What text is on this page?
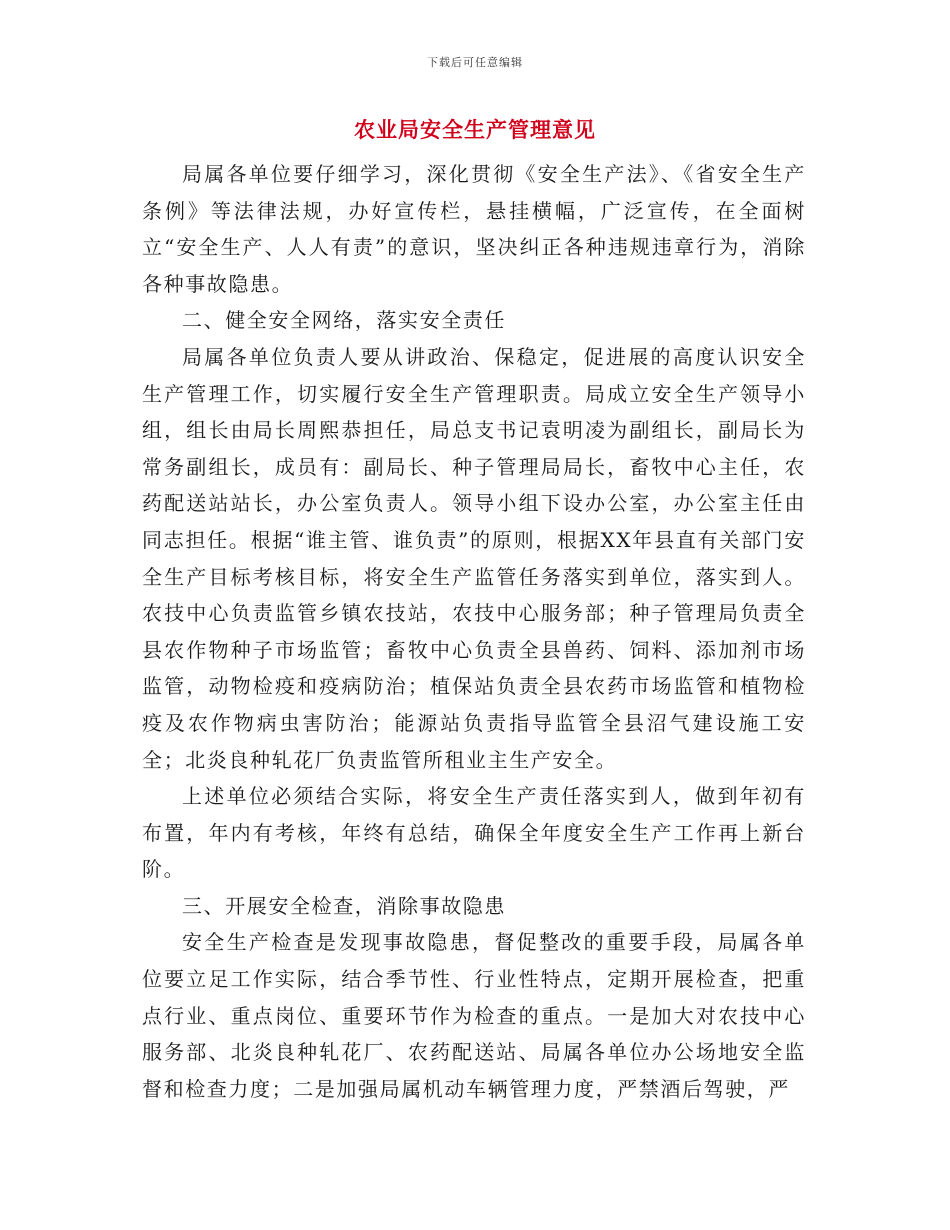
下载后可任意编辑
农业局安全生产管理意见

局属各单位要仔细学习，深化贯彻《安全生产法》、《省安全生产条例》等法律法规，办好宣传栏，悬挂横幅，广泛宣传，在全面树立“安全生产、人人有责”的意识，坚决纠正各种违规违章行为，消除各种事故隐患。

二、健全安全网络，落实安全责任

局属各单位负责人要从讲政治、保稳定，促进展的高度认识安全生产管理工作，切实履行安全生产管理职责。局成立安全生产领导小组，组长由局长周熙恭担任，局总支书记袁明凌为副组长，副局长为常务副组长，成员有：副局长、种子管理局局长，畜牧中心主任，农药配送站站长，办公室负责人。领导小组下设办公室，办公室主任由同志担任。根据“谁主管、谁负责”的原则，根据XX年县直有关部门安全生产目标考核目标，将安全生产监管任务落实到单位，落实到人。农技中心负责监管乡镇农技站，农技中心服务部；种子管理局负责全县农作物种子市场监管；畜牧中心负责全县兽药、饲料、添加剂市场监管，动物检疫和疫病防治；植保站负责全县农药市场监管和植物检疫及农作物病虫害防治；能源站负责指导监管全县沼气建设施工安全；北炎良种轧花厂负责监管所租业主生产安全。

上述单位必须结合实际，将安全生产责任落实到人，做到年初有布置，年内有考核，年终有总结，确保全年度安全生产工作再上新台阶。

三、开展安全检查，消除事故隐患

安全生产检查是发现事故隐患，督促整改的重要手段，局属各单位要立足工作实际，结合季节性、行业性特点，定期开展检查，把重点行业、重点岗位、重要环节作为检查的重点。一是加大对农技中心服务部、北炎良种轧花厂、农药配送站、局属各单位办公场地安全监督和检查力度；二是加强局属机动车辆管理力度，严禁酒后驾驶，严
